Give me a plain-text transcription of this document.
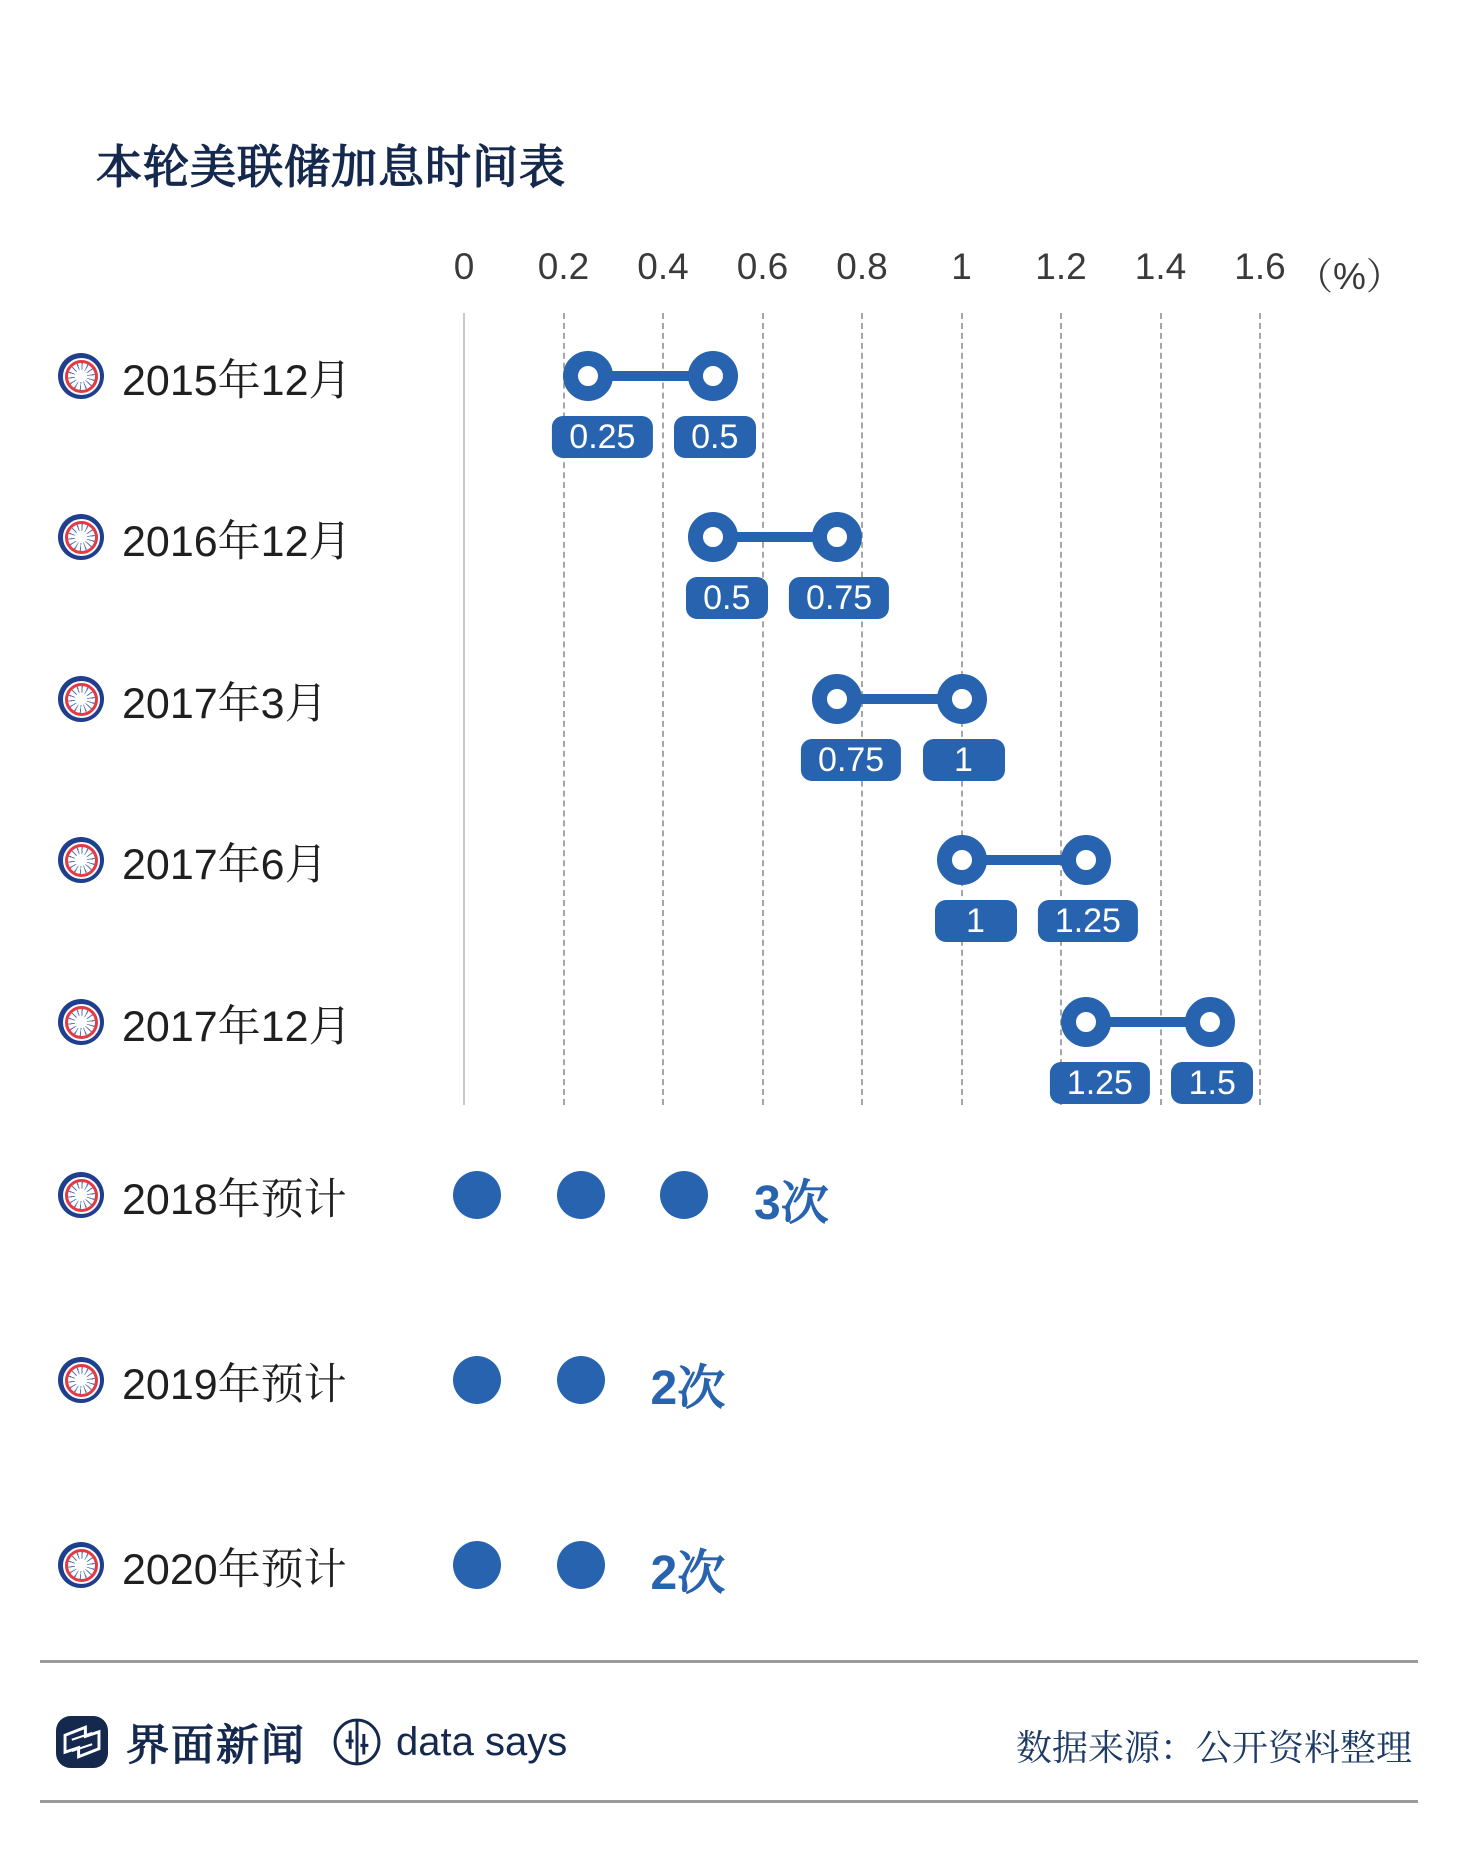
本轮美联储加息时间表
0 0.2 0.4 0.6 0.8 1 1.2 1.4 1.6 （%）
2015年12月
0.25	0.5
2016年12月
0.5	0.75
2017年3月
0.75	1
2017年6月
1	1.25
2017年12月
1.25	1.5
2018年预计	3次
2019年预计	2次
2020年预计	2次
界面新闻 data says	数据来源：公开资料整理
